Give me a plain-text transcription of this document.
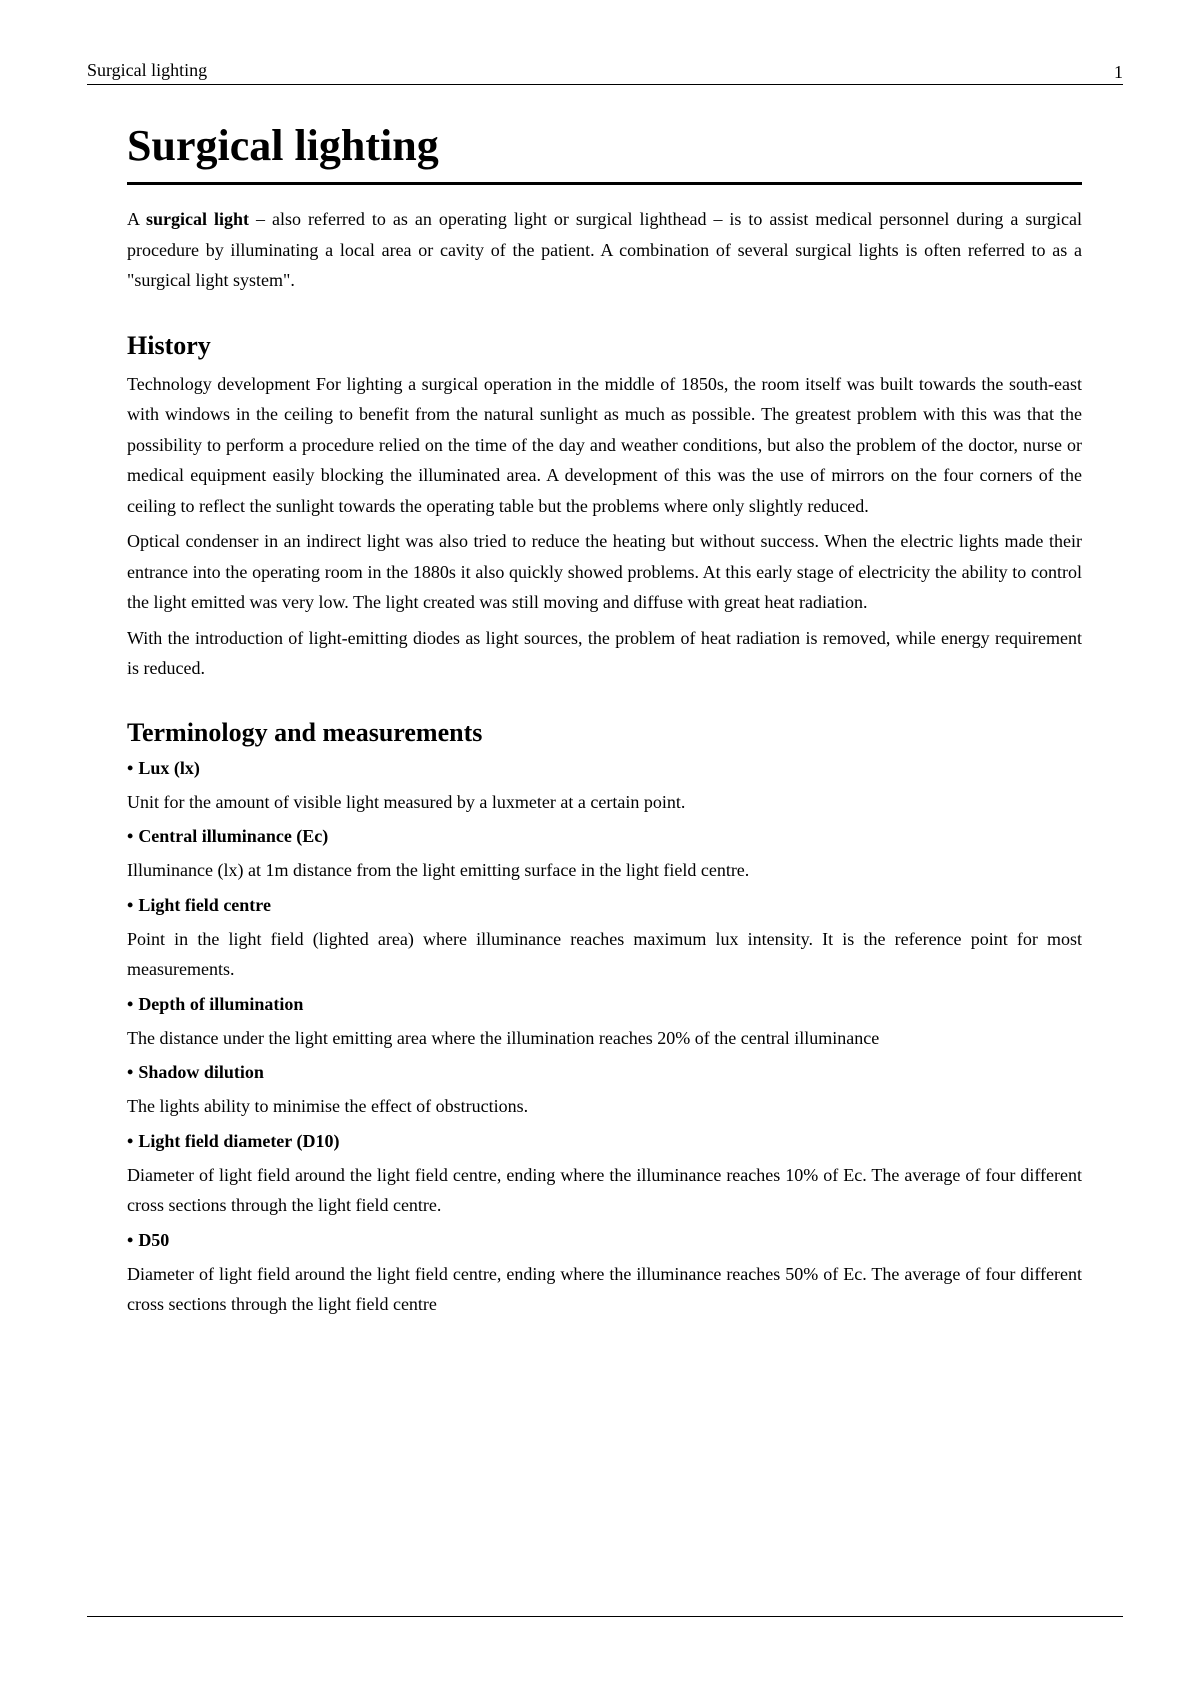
Surgical lighting	1
Surgical lighting

A surgical light – also referred to as an operating light or surgical lighthead – is to assist medical personnel during a surgical procedure by illuminating a local area or cavity of the patient. A combination of several surgical lights is often referred to as a "surgical light system".

History

Technology development For lighting a surgical operation in the middle of 1850s, the room itself was built towards the south-east with windows in the ceiling to benefit from the natural sunlight as much as possible. The greatest problem with this was that the possibility to perform a procedure relied on the time of the day and weather conditions, but also the problem of the doctor, nurse or medical equipment easily blocking the illuminated area. A development of this was the use of mirrors on the four corners of the ceiling to reflect the sunlight towards the operating table but the problems where only slightly reduced.

Optical condenser in an indirect light was also tried to reduce the heating but without success. When the electric lights made their entrance into the operating room in the 1880s it also quickly showed problems. At this early stage of electricity the ability to control the light emitted was very low. The light created was still moving and diffuse with great heat radiation.

With the introduction of light-emitting diodes as light sources, the problem of heat radiation is removed, while energy requirement is reduced.

Terminology and measurements
• Lux (lx)

Unit for the amount of visible light measured by a luxmeter at a certain point.

• Central illuminance (Ec)

Illuminance (lx) at 1m distance from the light emitting surface in the light field centre.

• Light field centre

Point in the light field (lighted area) where illuminance reaches maximum lux intensity. It is the reference point for most measurements.

• Depth of illumination

The distance under the light emitting area where the illumination reaches 20% of the central illuminance

• Shadow dilution

The lights ability to minimise the effect of obstructions.

• Light field diameter (D10)

Diameter of light field around the light field centre, ending where the illuminance reaches 10% of Ec. The average of four different cross sections through the light field centre.

• D50

Diameter of light field around the light field centre, ending where the illuminance reaches 50% of Ec. The average of four different cross sections through the light field centre
